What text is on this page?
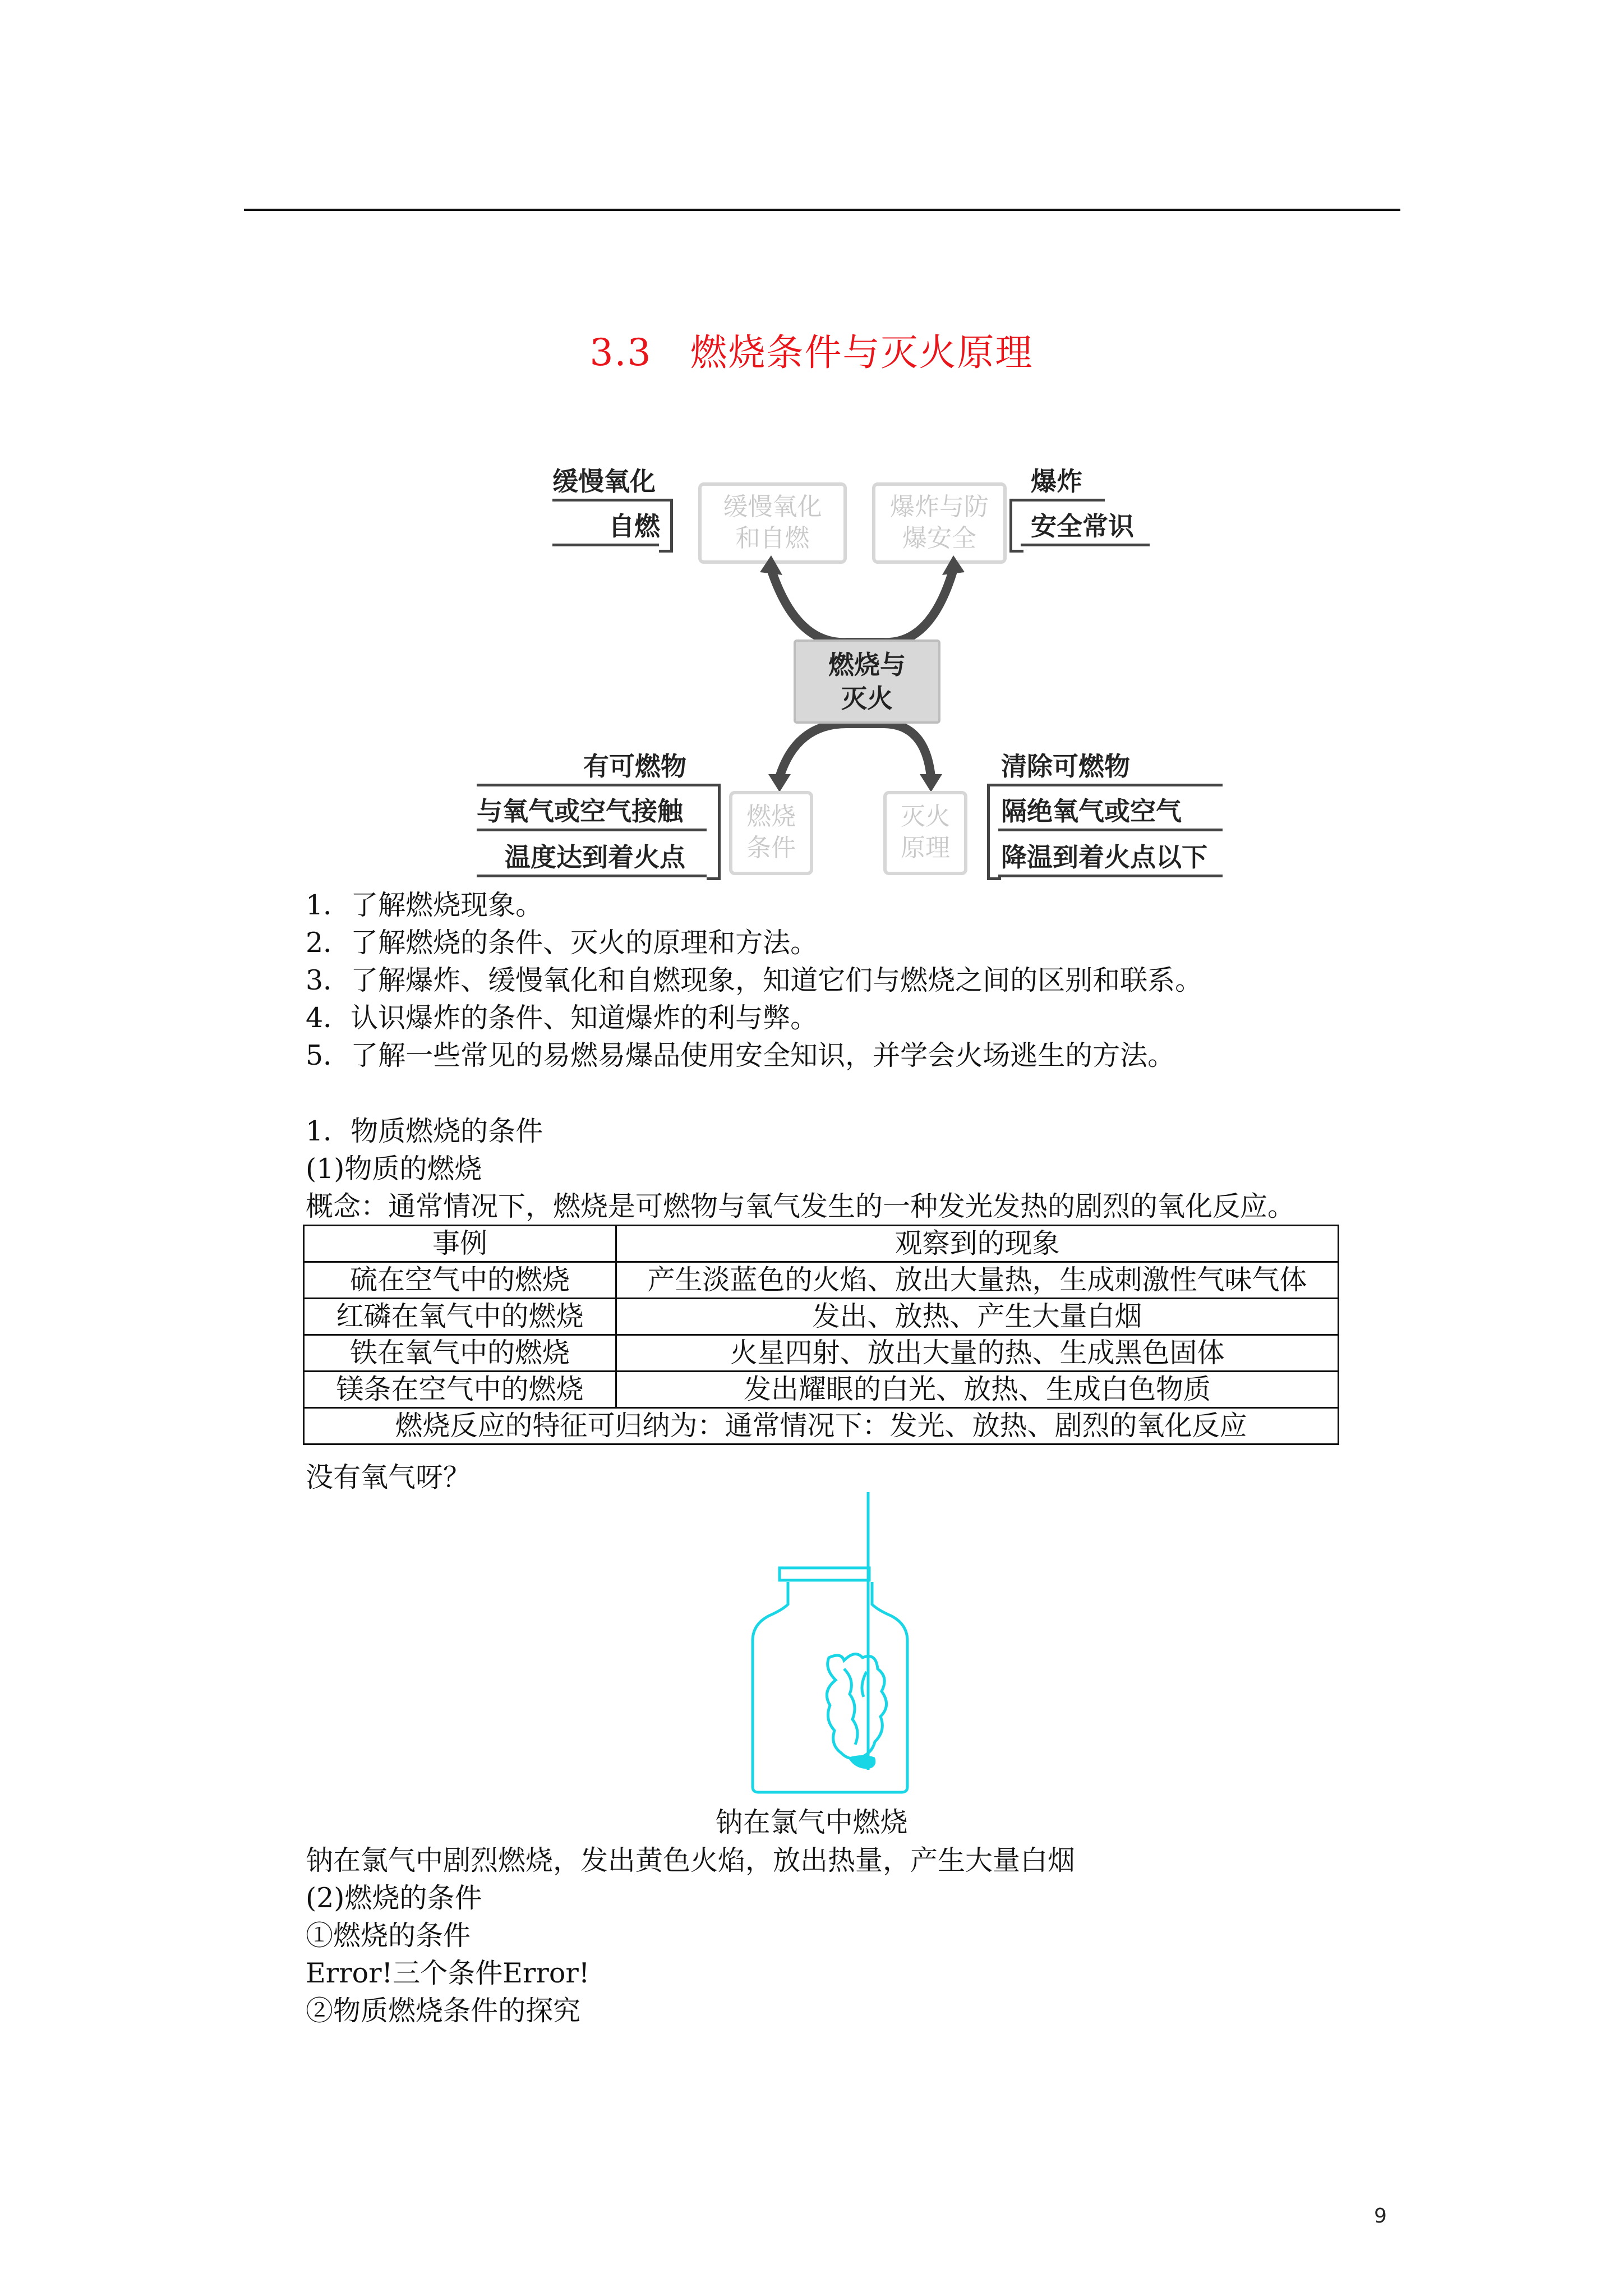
3.3　燃烧条件与灭火原理
缓慢氧化
自燃
缓慢氧化
和自燃
爆炸与防
爆安全
爆炸
安全常识
燃烧与
灭火
有可燃物
与氧气或空气接触
温度达到着火点
燃烧
条件
灭火
原理
清除可燃物
隔绝氧气或空气
降温到着火点以下
1．了解燃烧现象。
2．了解燃烧的条件、灭火的原理和方法。
3．了解爆炸、缓慢氧化和自燃现象，知道它们与燃烧之间的区别和联系。
4．认识爆炸的条件、知道爆炸的利与弊。
5．了解一些常见的易燃易爆品使用安全知识，并学会火场逃生的方法。
1．物质燃烧的条件
(1)物质的燃烧
概念：通常情况下，燃烧是可燃物与氧气发生的一种发光发热的剧烈的氧化反应。
事例	观察到的现象
硫在空气中的燃烧	产生淡蓝色的火焰、放出大量热，生成刺激性气味气体
红磷在氧气中的燃烧	发出、放热、产生大量白烟
铁在氧气中的燃烧	火星四射、放出大量的热、生成黑色固体
镁条在空气中的燃烧	发出耀眼的白光、放热、生成白色物质
燃烧反应的特征可归纳为：通常情况下：发光、放热、剧烈的氧化反应	
没有氧气呀？
钠在氯气中燃烧
钠在氯气中剧烈燃烧，发出黄色火焰，放出热量，产生大量白烟
(2)燃烧的条件
①燃烧的条件
Error!三个条件Error!
②物质燃烧条件的探究
9
